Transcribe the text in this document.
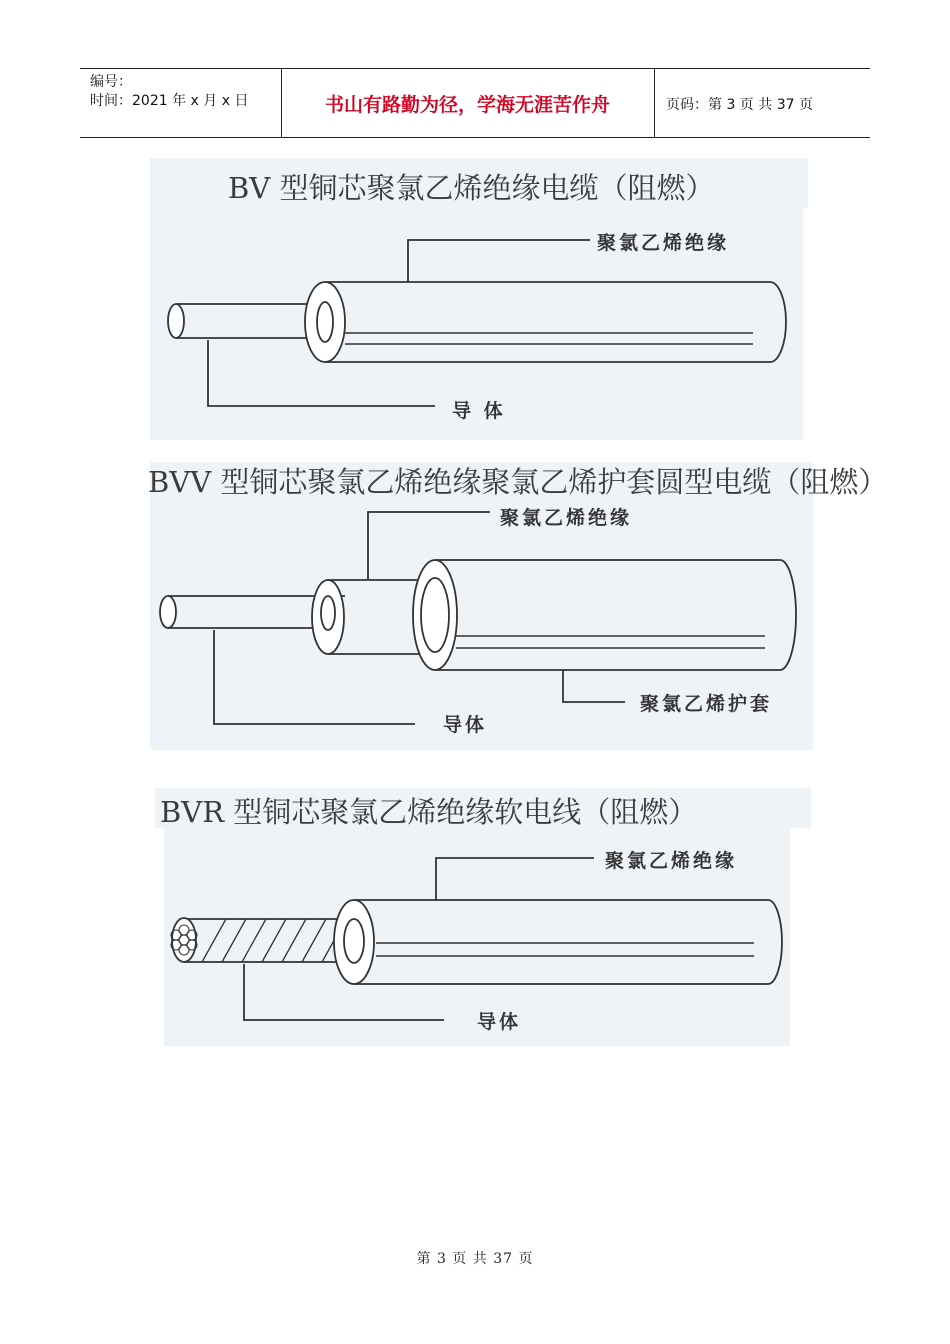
编号：
时间：2021 年 x 月 x 日	书山有路勤为径，学海无涯苦作舟	页码：第 3 页 共 37 页
BV 型铜芯聚氯乙烯绝缘电缆（阻燃）
聚氯乙烯绝缘
导 体
BVV 型铜芯聚氯乙烯绝缘聚氯乙烯护套圆型电缆（阻燃）
聚氯乙烯绝缘
聚氯乙烯护套
导体
BVR 型铜芯聚氯乙烯绝缘软电线（阻燃）
聚氯乙烯绝缘
导体
第 3 页 共 37 页
